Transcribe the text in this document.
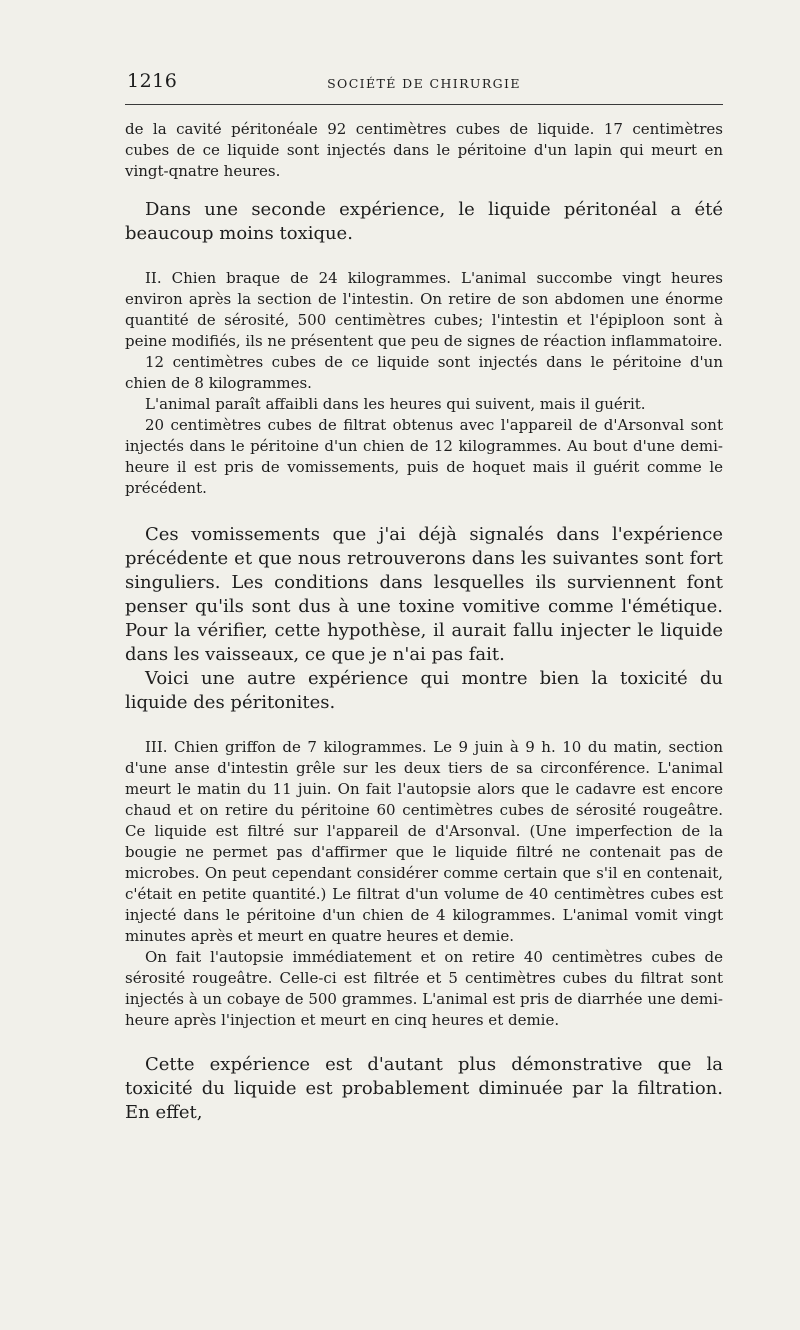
1216	SOCIÉTÉ DE CHIRURGIE

de la cavité péritonéale 92 centimètres cubes de liquide. 17 centimètres cubes de ce liquide sont injectés dans le péritoine d'un lapin qui meurt en vingt-qnatre heures.

Dans une seconde expérience, le liquide péritonéal a été beaucoup moins toxique.

II. Chien braque de 24 kilogrammes. L'animal succombe vingt heures environ après la section de l'intestin. On retire de son abdomen une énorme quantité de sérosité, 500 centimètres cubes; l'intestin et l'épiploon sont à peine modifiés, ils ne présentent que peu de signes de réaction inflammatoire.

12 centimètres cubes de ce liquide sont injectés dans le péritoine d'un chien de 8 kilogrammes.

L'animal paraît affaibli dans les heures qui suivent, mais il guérit.

20 centimètres cubes de filtrat obtenus avec l'appareil de d'Arsonval sont injectés dans le péritoine d'un chien de 12 kilogrammes. Au bout d'une demi-heure il est pris de vomissements, puis de hoquet mais il guérit comme le précédent.

Ces vomissements que j'ai déjà signalés dans l'expérience précédente et que nous retrouverons dans les suivantes sont fort singuliers. Les conditions dans lesquelles ils surviennent font penser qu'ils sont dus à une toxine vomitive comme l'émétique. Pour la vérifier, cette hypothèse, il aurait fallu injecter le liquide dans les vaisseaux, ce que je n'ai pas fait.

Voici une autre expérience qui montre bien la toxicité du liquide des péritonites.

III. Chien griffon de 7 kilogrammes. Le 9 juin à 9 h. 10 du matin, section d'une anse d'intestin grêle sur les deux tiers de sa circonférence. L'animal meurt le matin du 11 juin. On fait l'autopsie alors que le cadavre est encore chaud et on retire du péritoine 60 centimètres cubes de sérosité rougeâtre. Ce liquide est filtré sur l'appareil de d'Arsonval. (Une imperfection de la bougie ne permet pas d'affirmer que le liquide filtré ne contenait pas de microbes. On peut cependant considérer comme certain que s'il en contenait, c'était en petite quantité.) Le filtrat d'un volume de 40 centimètres cubes est injecté dans le péritoine d'un chien de 4 kilogrammes. L'animal vomit vingt minutes après et meurt en quatre heures et demie.

On fait l'autopsie immédiatement et on retire 40 centimètres cubes de sérosité rougeâtre. Celle-ci est filtrée et 5 centimètres cubes du filtrat sont injectés à un cobaye de 500 grammes. L'animal est pris de diarrhée une demi-heure après l'injection et meurt en cinq heures et demie.

Cette expérience est d'autant plus démonstrative que la toxicité du liquide est probablement diminuée par la filtration. En effet,
